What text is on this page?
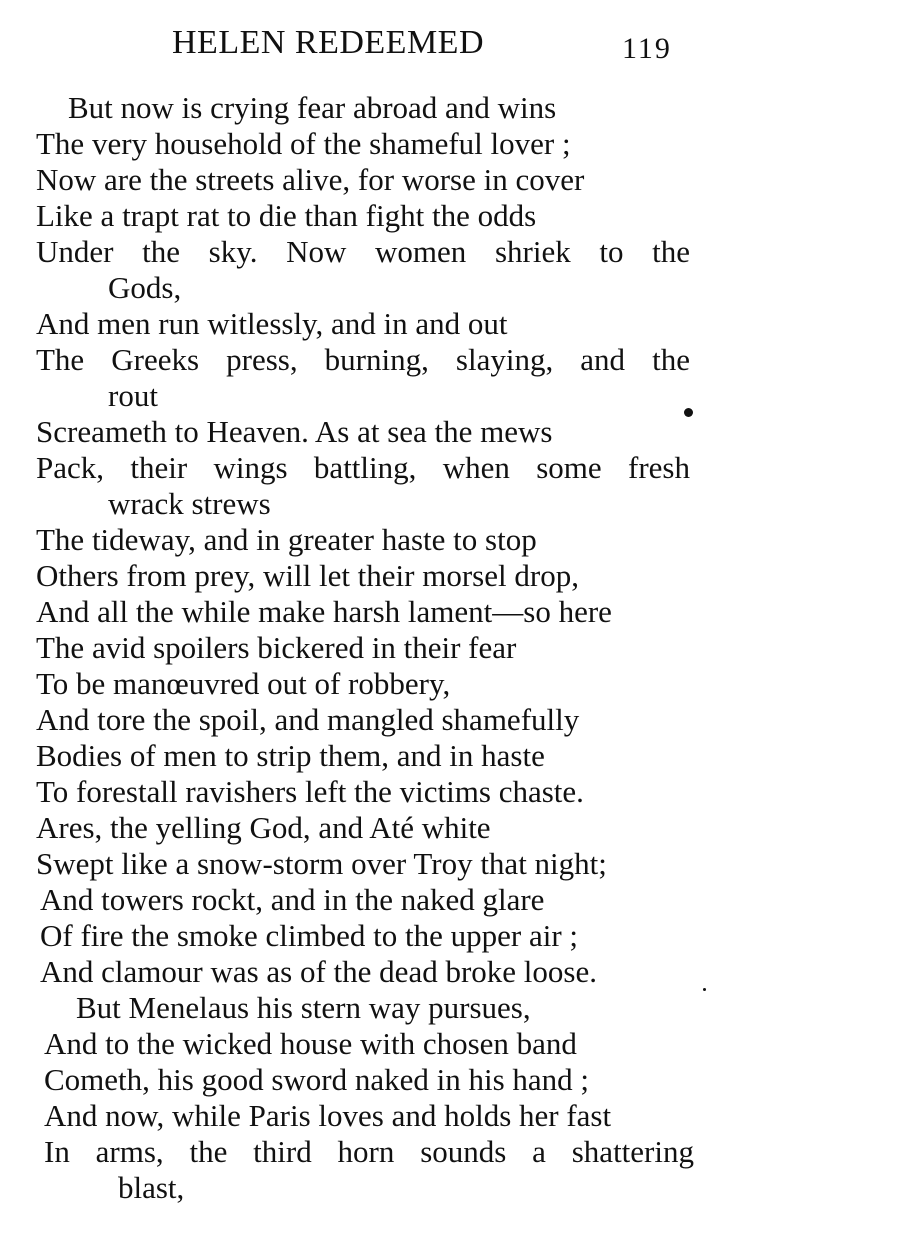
HELEN REDEEMED	119
But now is crying fear abroad and wins
The very household of the shameful lover ;
Now are the streets alive, for worse in cover
Like a trapt rat to die than fight the odds
Under the sky. Now women shriek to the
Gods,
And men run witlessly, and in and out
The Greeks press, burning, slaying, and the
rout
Screameth to Heaven. As at sea the mews
Pack, their wings battling, when some fresh
wrack strews
The tideway, and in greater haste to stop
Others from prey, will let their morsel drop,
And all the while make harsh lament—so here
The avid spoilers bickered in their fear
To be manœuvred out of robbery,
And tore the spoil, and mangled shamefully
Bodies of men to strip them, and in haste
To forestall ravishers left the victims chaste.
Ares, the yelling God, and Até white
Swept like a snow-storm over Troy that night;
And towers rockt, and in the naked glare
Of fire the smoke climbed to the upper air ;
And clamour was as of the dead broke loose.
But Menelaus his stern way pursues,
And to the wicked house with chosen band
Cometh, his good sword naked in his hand ;
And now, while Paris loves and holds her fast
In arms, the third horn sounds a shattering
blast,
